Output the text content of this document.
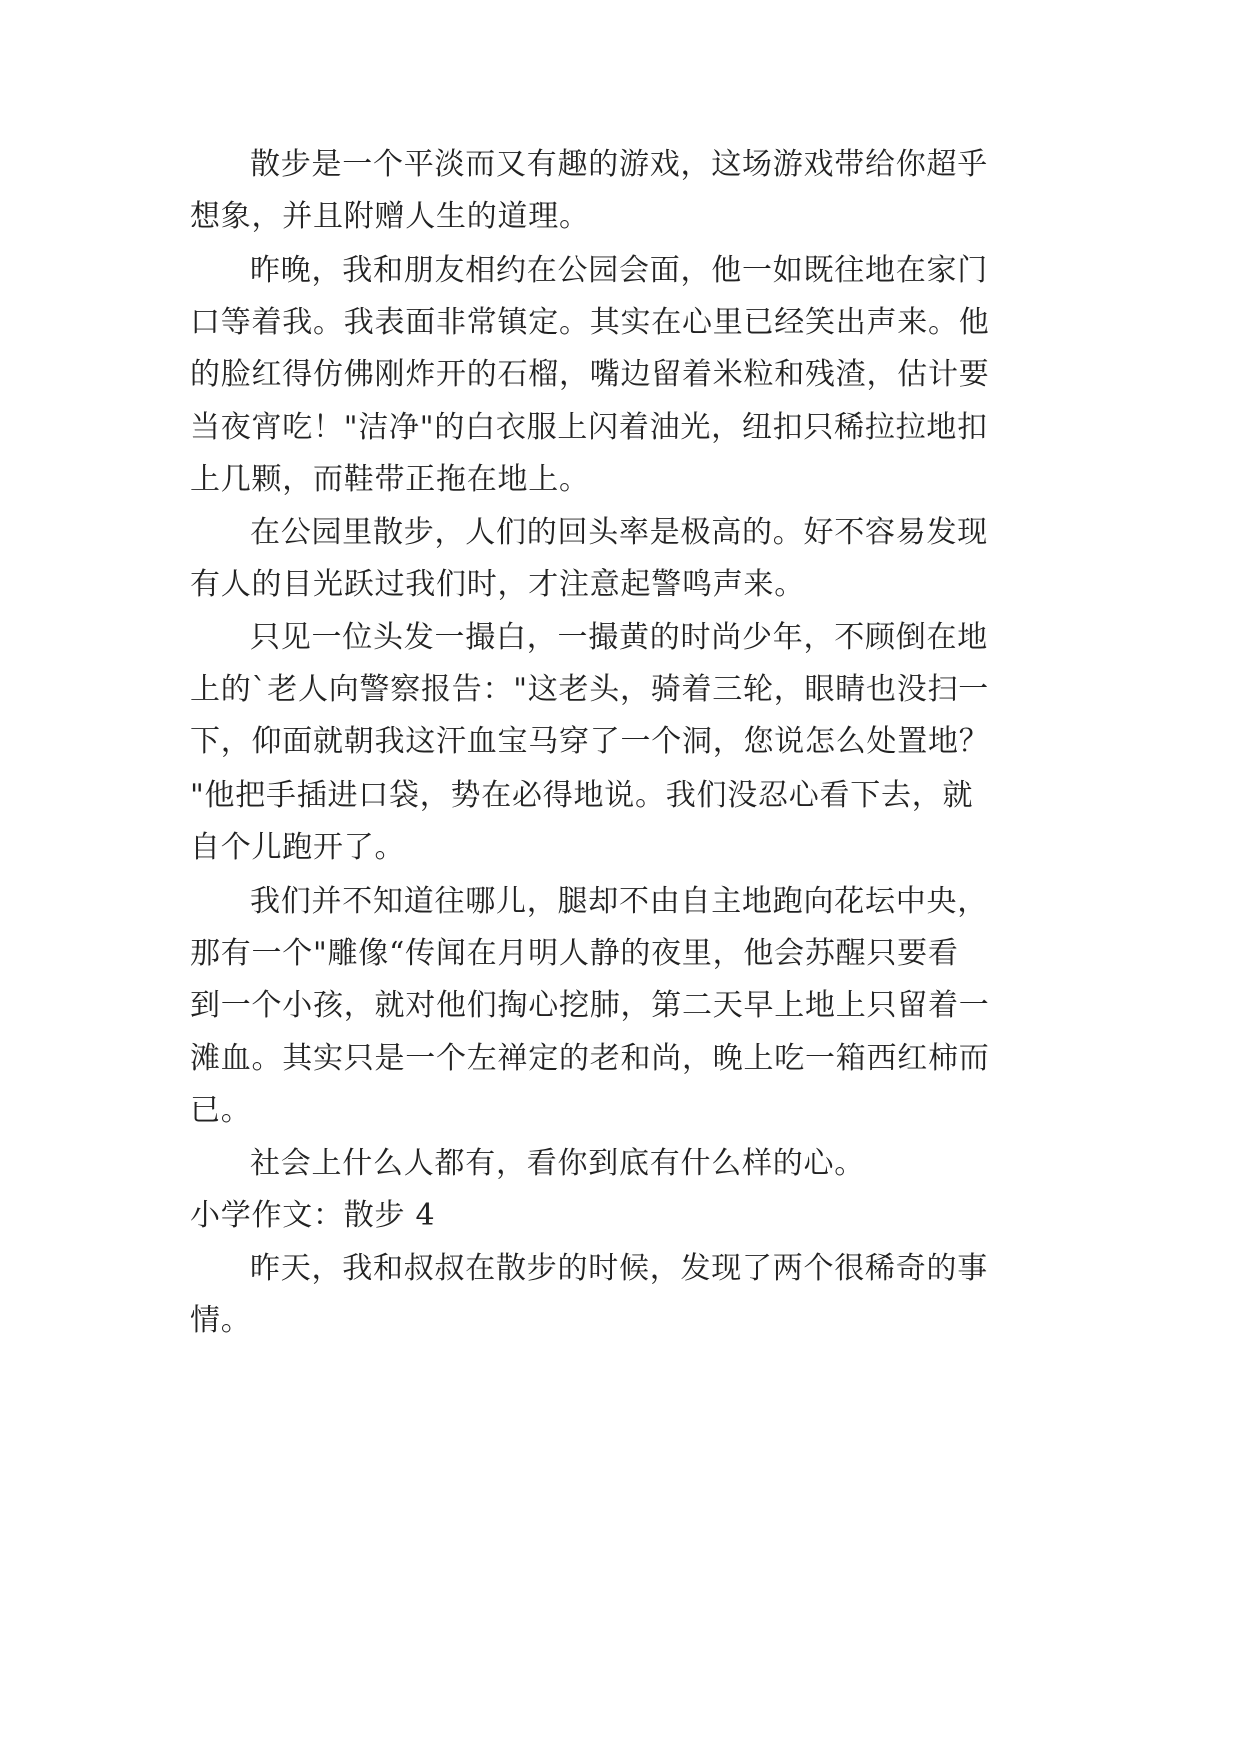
散步是一个平淡而又有趣的游戏，这场游戏带给你超乎
想象，并且附赠人生的道理。
昨晚，我和朋友相约在公园会面，他一如既往地在家门
口等着我。我表面非常镇定。其实在心里已经笑出声来。他
的脸红得仿佛刚炸开的石榴，嘴边留着米粒和残渣，估计要
当夜宵吃！"洁净"的白衣服上闪着油光，纽扣只稀拉拉地扣
上几颗，而鞋带正拖在地上。
在公园里散步，人们的回头率是极高的。好不容易发现
有人的目光跃过我们时，才注意起警鸣声来。
只见一位头发一撮白，一撮黄的时尚少年，不顾倒在地
上的`老人向警察报告："这老头，骑着三轮，眼睛也没扫一
下，仰面就朝我这汗血宝马穿了一个洞，您说怎么处置地？
"他把手插进口袋，势在必得地说。我们没忍心看下去，就
自个儿跑开了。
我们并不知道往哪儿，腿却不由自主地跑向花坛中央，
那有一个"雕像“传闻在月明人静的夜里，他会苏醒只要看
到一个小孩，就对他们掏心挖肺，第二天早上地上只留着一
滩血。其实只是一个左禅定的老和尚，晚上吃一箱西红柿而
已。
社会上什么人都有，看你到底有什么样的心。
小学作文：散步 4
昨天，我和叔叔在散步的时候，发现了两个很稀奇的事
情。
